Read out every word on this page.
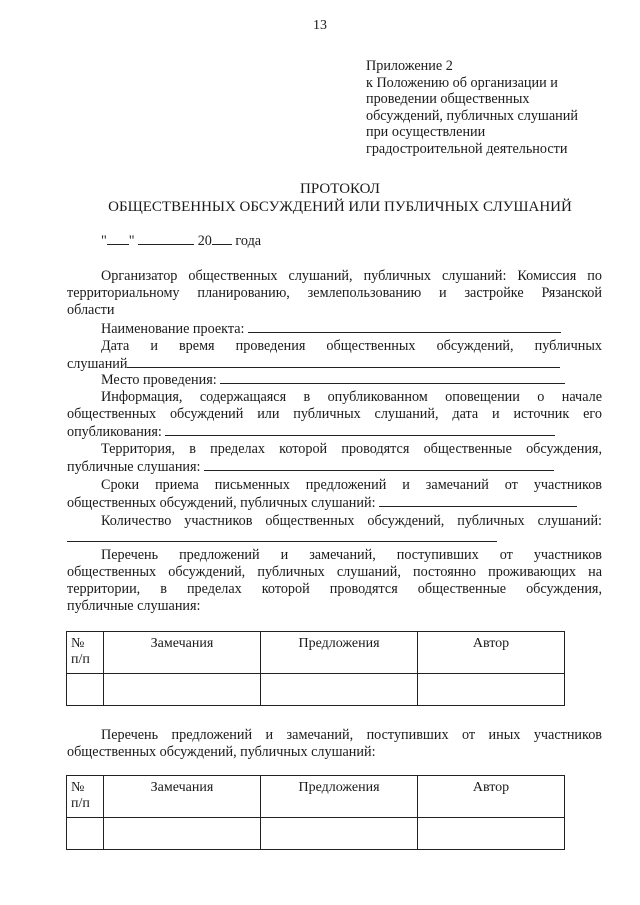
13
Приложение 2
к Положению об организации и
проведении общественных
обсуждений, публичных слушаний
при осуществлении
градостроительной деятельности
ПРОТОКОЛ
ОБЩЕСТВЕННЫХ ОБСУЖДЕНИЙ ИЛИ ПУБЛИЧНЫХ СЛУШАНИЙ
" "	20 года
Организатор общественных слушаний, публичных слушаний: Комиссия по
территориальному планированию, землепользованию и застройке Рязанской
области
Наименование проекта:
Дата и время проведения общественных обсуждений, публичных
слушаний
Место проведения:
Информация, содержащаяся в опубликованном оповещении о начале
общественных обсуждений или публичных слушаний, дата и источник его
опубликования:
Территория, в пределах которой проводятся общественные обсуждения,
публичные слушания:
Сроки приема письменных предложений и замечаний от участников
общественных обсуждений, публичных слушаний:
Количество участников общественных обсуждений, публичных слушаний:
Перечень предложений и замечаний, поступивших от участников
общественных обсуждений, публичных слушаний, постоянно проживающих на
территории, в пределах которой проводятся общественные обсуждения,
публичные слушания:
№ п/п	Замечания	Предложения	Автор

Перечень предложений и замечаний, поступивших от иных участников
общественных обсуждений, публичных слушаний:
№ п/п	Замечания	Предложения	Автор
